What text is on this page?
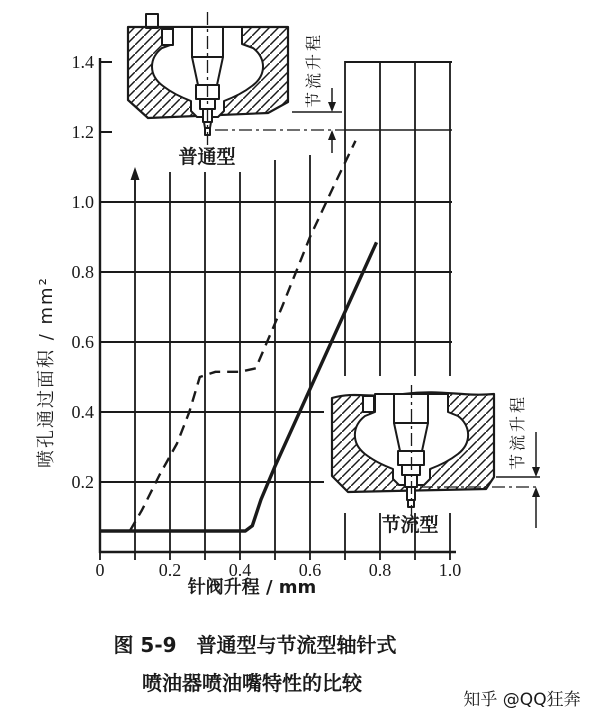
0	0.2	0.4	0.6	0.8	1.0
0.2
0.4
0.6
0.8
1.0
1.2
1.4
普通型
节流升程
节流型
节流升程
喷孔通过面积 / mm²
针阀升程 / mm
图 5-9　普通型与节流型轴针式
喷油器喷油嘴特性的比较
知乎 @QQ狂奔
